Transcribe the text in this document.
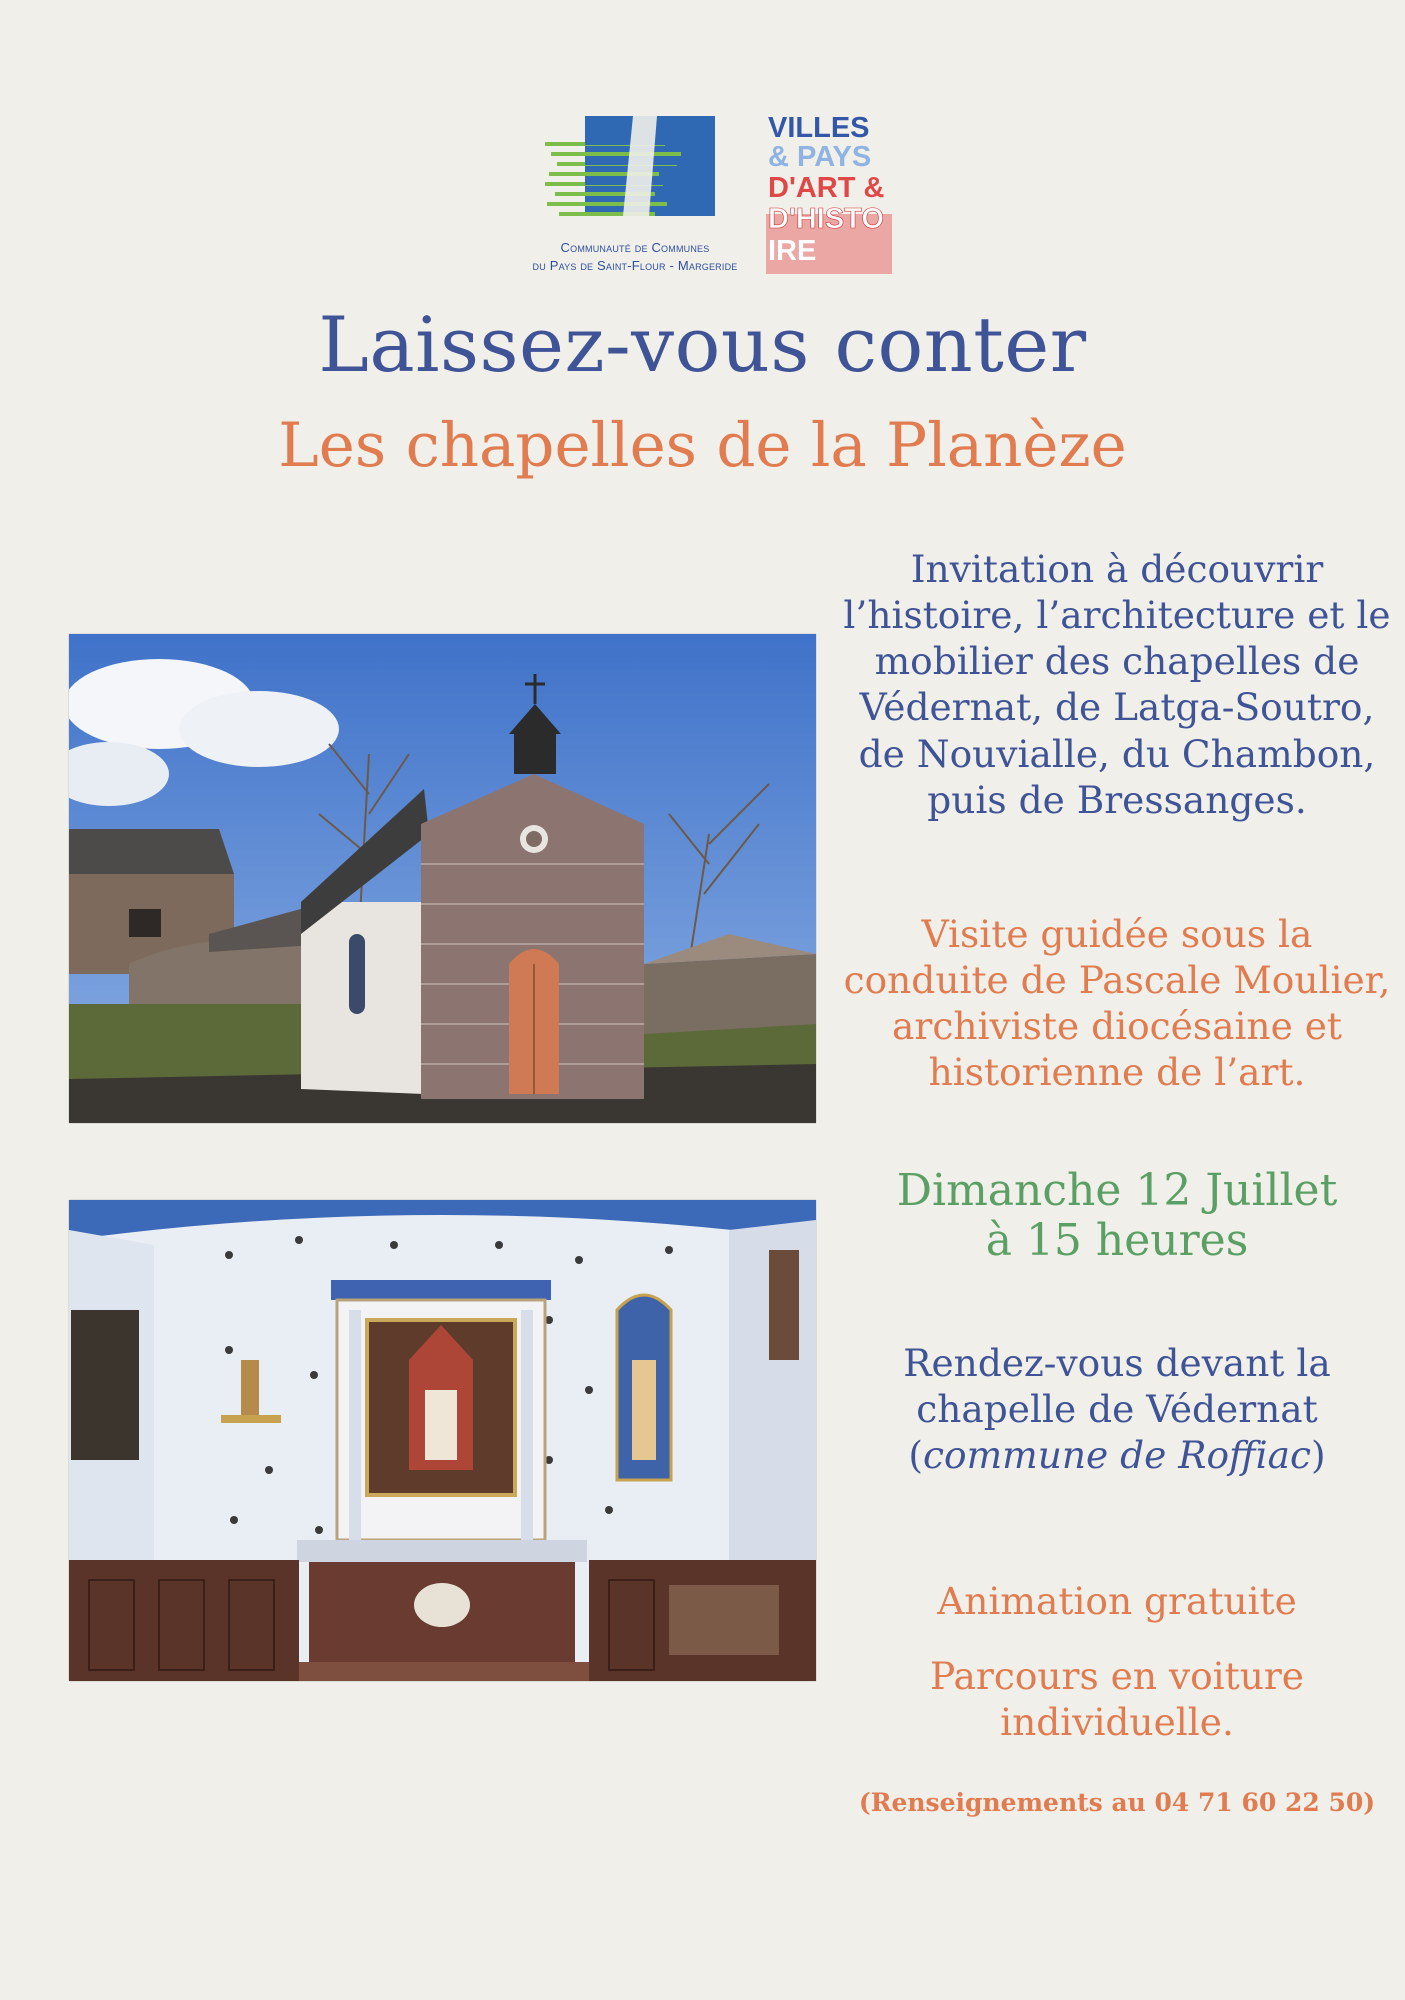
Communauté de Communes
du Pays de Saint-Flour - Margeride
VILLES
& PAYS
D'ART &
D'HISTO
IRE
Laissez-vous conter
Les chapelles de la Planèze
Invitation à découvrir
l’histoire, l’architecture et le
mobilier des chapelles de
Védernat, de Latga-Soutro,
de Nouvialle, du Chambon,
puis de Bressanges.
Visite guidée sous la
conduite de Pascale Moulier,
archiviste diocésaine et
historienne de l’art.
Dimanche 12 Juillet
à 15 heures
Rendez-vous devant la
chapelle de Védernat
(commune de Roffiac)
Animation gratuite
Parcours en voiture
individuelle.
(Renseignements au 04 71 60 22 50)
